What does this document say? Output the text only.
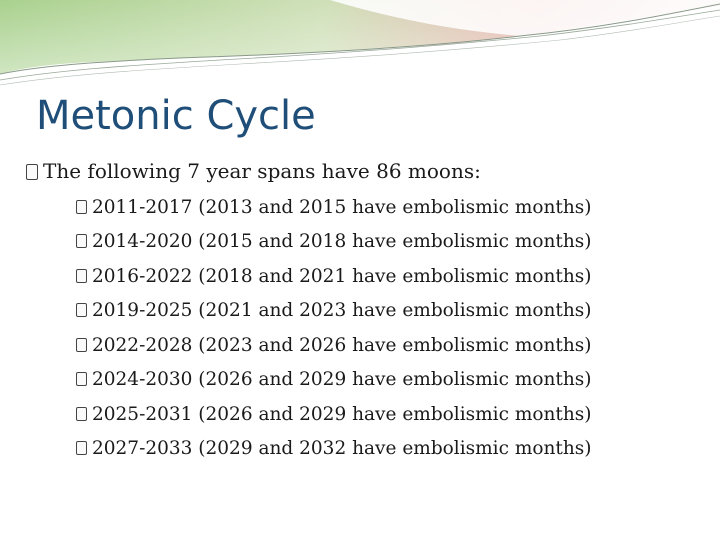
Metonic Cycle
The following 7 year spans have 86 moons:
2011-2017 (2013 and 2015 have embolismic months)
2014-2020 (2015 and 2018 have embolismic months)
2016-2022 (2018 and 2021 have embolismic months)
2019-2025 (2021 and 2023 have embolismic months)
2022-2028 (2023 and 2026 have embolismic months)
2024-2030 (2026 and 2029 have embolismic months)
2025-2031 (2026 and 2029 have embolismic months)
2027-2033 (2029 and 2032 have embolismic months)
